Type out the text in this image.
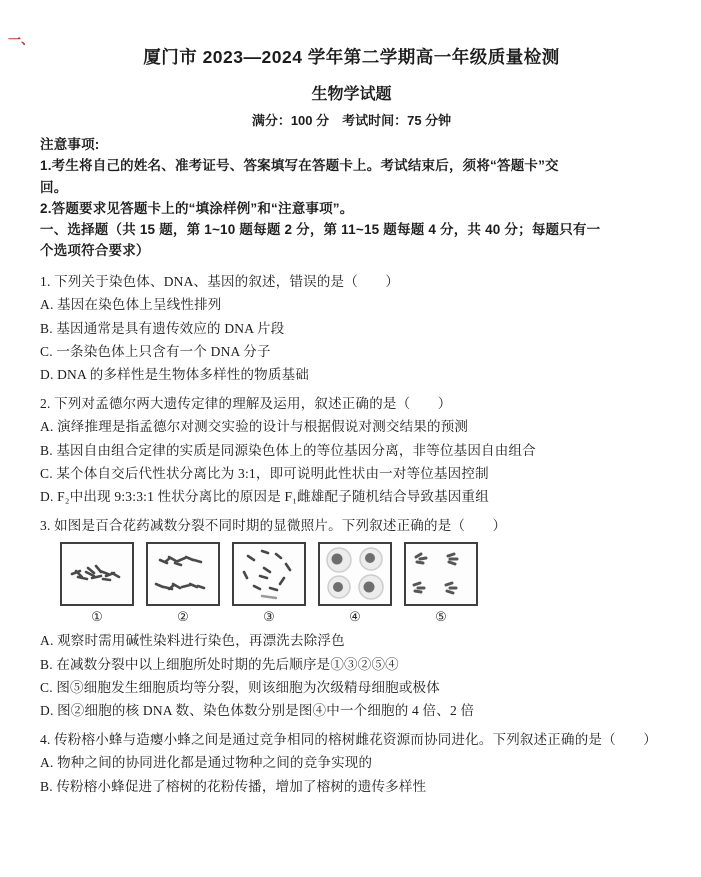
一、
厦门市 2023—2024 学年第二学期高一年级质量检测
生物学试题
满分：100 分　考试时间：75 分钟
注意事项:
1.考生将自己的姓名、准考证号、答案填写在答题卡上。考试结束后，须将“答题卡”交
回。
2.答题要求见答题卡上的“填涂样例”和“注意事项”。
一、选择题（共 15 题，第 1~10 题每题 2 分，第 11~15 题每题 4 分，共 40 分；每题只有一
个选项符合要求）
1. 下列关于染色体、DNA、基因的叙述，错误的是（　　）
A. 基因在染色体上呈线性排列
B. 基因通常是具有遗传效应的 DNA 片段
C. 一条染色体上只含有一个 DNA 分子
D. DNA 的多样性是生物体多样性的物质基础
2. 下列对孟德尔两大遗传定律的理解及运用，叙述正确的是（　　）
A. 演绎推理是指孟德尔对测交实验的设计与根据假说对测交结果的预测
B. 基因自由组合定律的实质是同源染色体上的等位基因分离，非等位基因自由组合
C. 某个体自交后代性状分离比为 3:1，即可说明此性状由一对等位基因控制
D. F₂中出现 9:3:3:1 性状分离比的原因是 F₁雌雄配子随机结合导致基因重组
3. 如图是百合花药减数分裂不同时期的显微照片。下列叙述正确的是（　　）
①	②	③	④	⑤
A. 观察时需用碱性染料进行染色，再漂洗去除浮色
B. 在减数分裂中以上细胞所处时期的先后顺序是①③②⑤④
C. 图⑤细胞发生细胞质均等分裂，则该细胞为次级精母细胞或极体
D. 图②细胞的核 DNA 数、染色体数分别是图④中一个细胞的 4 倍、2 倍
4. 传粉榕小蜂与造瘿小蜂之间是通过竞争相同的榕树雌花资源而协同进化。下列叙述正确的是（　　）
A. 物种之间的协同进化都是通过物种之间的竞争实现的
B. 传粉榕小蜂促进了榕树的花粉传播，增加了榕树的遗传多样性
